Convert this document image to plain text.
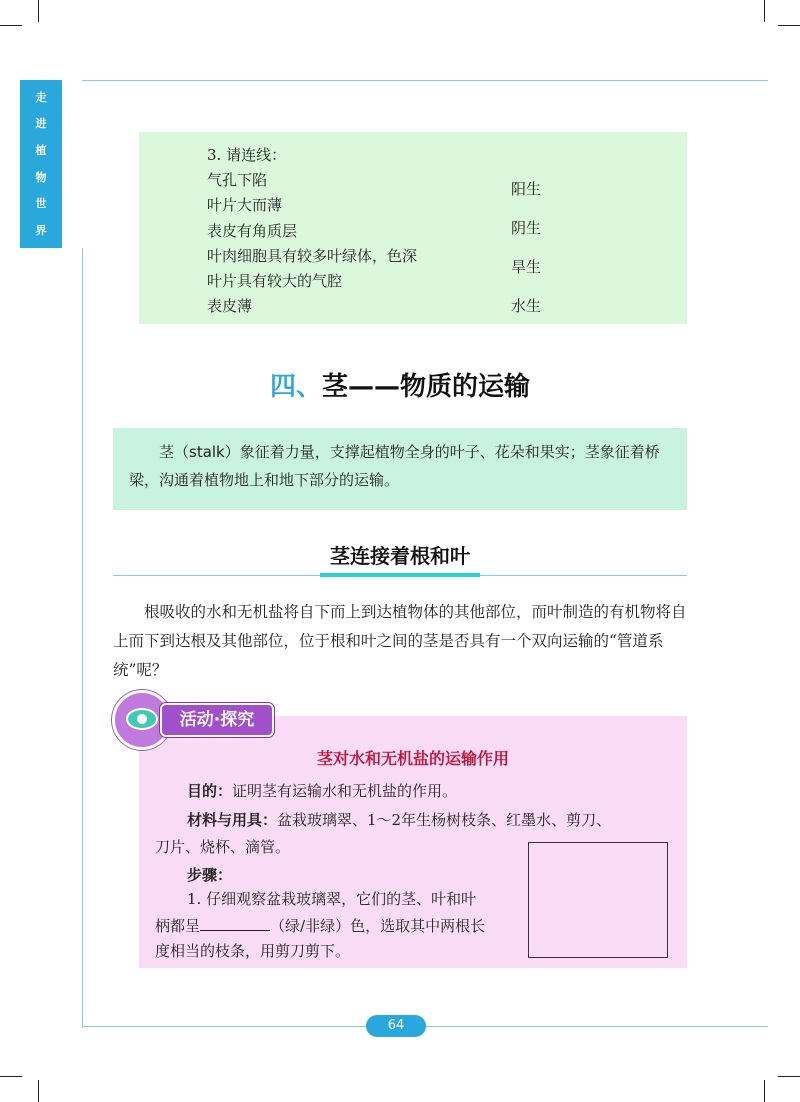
走
进
植
物
世
界
3. 请连线：
气孔下陷
叶片大而薄
表皮有角质层
叶肉细胞具有较多叶绿体，色深
叶片具有较大的气腔
表皮薄
阳生
阴生
旱生
水生
四、茎——物质的运输
茎（stalk）象征着力量，支撑起植物全身的叶子、花朵和果实；茎象征着桥梁，沟通着植物地上和地下部分的运输。
茎连接着根和叶
根吸收的水和无机盐将自下而上到达植物体的其他部位，而叶制造的有机物将自上而下到达根及其他部位，位于根和叶之间的茎是否具有一个双向运输的“管道系统”呢？
活动·探究
茎对水和无机盐的运输作用
目的：证明茎有运输水和无机盐的作用。
材料与用具：盆栽玻璃翠、1～2年生杨树枝条、红墨水、剪刀、
刀片、烧杯、滴管。
步骤：
1. 仔细观察盆栽玻璃翠，它们的茎、叶和叶
柄都呈	（绿/非绿）色，选取其中两根长
度相当的枝条，用剪刀剪下。
64
